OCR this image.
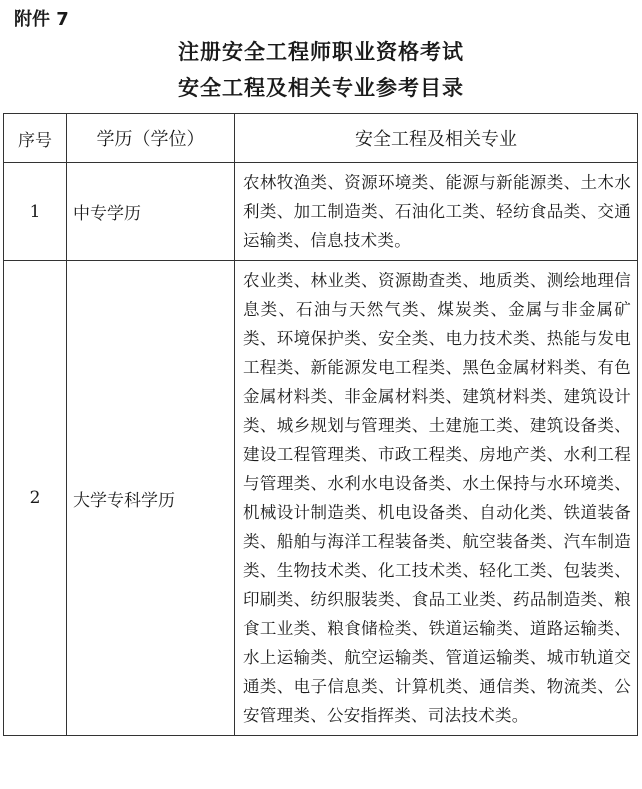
附件 7
注册安全工程师职业资格考试
安全工程及相关专业参考目录
序号	学历（学位）	安全工程及相关专业
1	中专学历	农林牧渔类、资源环境类、能源与新能源类、土木水利类、加工制造类、石油化工类、轻纺食品类、交通运输类、信息技术类。
2	大学专科学历	农业类、林业类、资源勘查类、地质类、测绘地理信息类、石油与天然气类、煤炭类、金属与非金属矿类、环境保护类、安全类、电力技术类、热能与发电工程类、新能源发电工程类、黑色金属材料类、有色金属材料类、非金属材料类、建筑材料类、建筑设计类、城乡规划与管理类、土建施工类、建筑设备类、建设工程管理类、市政工程类、房地产类、水利工程与管理类、水利水电设备类、水土保持与水环境类、机械设计制造类、机电设备类、自动化类、铁道装备类、船舶与海洋工程装备类、航空装备类、汽车制造类、生物技术类、化工技术类、轻化工类、包装类、印刷类、纺织服装类、食品工业类、药品制造类、粮食工业类、粮食储检类、铁道运输类、道路运输类、水上运输类、航空运输类、管道运输类、城市轨道交通类、电子信息类、计算机类、通信类、物流类、公安管理类、公安指挥类、司法技术类。
